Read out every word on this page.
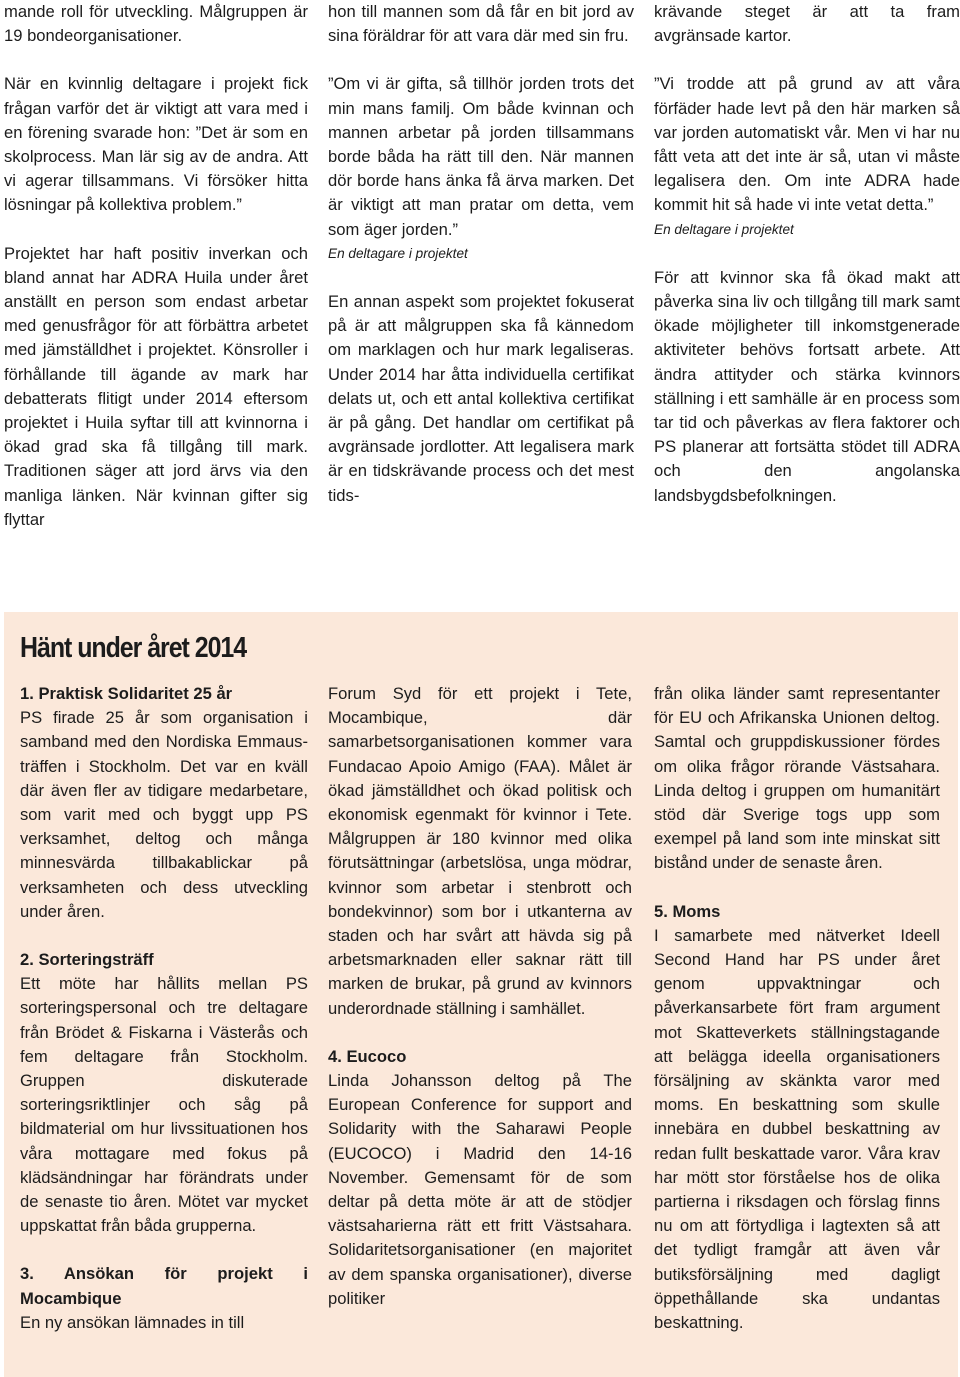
mande roll för utveckling. Målgruppen är 19 bondeorganisationer.

När en kvinnlig deltagare i projekt fick frågan varför det är viktigt att vara med i en förening svarade hon: ”Det är som en skolprocess. Man lär sig av de andra. Att vi agerar tillsammans. Vi försöker hitta lösningar på kollektiva problem.”

Projektet har haft positiv inverkan och bland annat har ADRA Huila under året anställt en person som endast arbetar med genusfrågor för att förbättra arbetet med jämställdhet i projektet. Könsroller i förhållande till ägande av mark har debatterats flitigt under 2014 eftersom projektet i Huila syftar till att kvinnorna i ökad grad ska få tillgång till mark. Traditionen säger att jord ärvs via den manliga länken. När kvinnan gifter sig flyttar

hon till mannen som då får en bit jord av sina föräldrar för att vara där med sin fru.

”Om vi är gifta, så tillhör jorden trots det min mans familj. Om både kvinnan och mannen arbetar på jorden tillsammans borde båda ha rätt till den. När mannen dör borde hans änka få ärva marken. Det är viktigt att man pratar om detta, vem som äger jorden.”

En deltagare i projektet

En annan aspekt som projektet fokuserat på är att målgruppen ska få kännedom om marklagen och hur mark legaliseras. Under 2014 har åtta individuella certifikat delats ut, och ett antal kollektiva certifikat är på gång. Det handlar om certifikat på avgränsade jordlotter. Att legalisera mark är en tidskrävande process och det mest tids-

krävande steget är att ta fram avgränsade kartor.

”Vi trodde att på grund av att våra förfäder hade levt på den här marken så var jorden automatiskt vår. Men vi har nu fått veta att det inte är så, utan vi måste legalisera den. Om inte ADRA hade kommit hit så hade vi inte vetat detta.”

En deltagare i projektet

För att kvinnor ska få ökad makt att påverka sina liv och tillgång till mark samt ökade möjligheter till inkomstgenerade aktiviteter behövs fortsatt arbete. Att ändra attityder och stärka kvinnors ställning i ett samhälle är en process som tar tid och påverkas av flera faktorer och PS planerar att fortsätta stödet till ADRA och den angolanska landsbygdsbefolkningen.

Hänt under året 2014

1. Praktisk Solidaritet 25 år

PS firade 25 år som organisation i samband med den Nordiska Emmaus-träffen i Stockholm. Det var en kväll där även fler av tidigare medarbetare, som varit med och byggt upp PS verksamhet, deltog och många minnesvärda tillbakablickar på verksamheten och dess utveckling under åren.

2. Sorteringsträff

Ett möte har hållits mellan PS sorteringspersonal och tre deltagare från Brödet & Fiskarna i Västerås och fem deltagare från Stockholm. Gruppen diskuterade sorteringsriktlinjer och såg på bildmaterial om hur livssituationen hos våra mottagare med fokus på klädsändningar har förändrats under de senaste tio åren. Mötet var mycket uppskattat från båda grupperna.

3. Ansökan för projekt i Mocambique

En ny ansökan lämnades in till

Forum Syd för ett projekt i Tete, Mocambique, där samarbetsorganisationen kommer vara Fundacao Apoio Amigo (FAA). Målet är ökad jämställdhet och ökad politisk och ekonomisk egenmakt för kvinnor i Tete. Målgruppen är 180 kvinnor med olika förutsättningar (arbetslösa, unga mödrar, kvinnor som arbetar i stenbrott och bondekvinnor) som bor i utkanterna av staden och har svårt att hävda sig på arbetsmarknaden eller saknar rätt till marken de brukar, på grund av kvinnors underordnade ställning i samhället.

4. Eucoco

Linda Johansson deltog på The European Conference for support and Solidarity with the Saharawi People (EUCOCO) i Madrid den 14-16 November. Gemensamt för de som deltar på detta möte är att de stödjer västsaharierna rätt ett fritt Västsahara. Solidaritetsorganisationer (en majoritet av dem spanska organisationer), diverse politiker

från olika länder samt representanter för EU och Afrikanska Unionen deltog. Samtal och gruppdiskussioner fördes om olika frågor rörande Västsahara. Linda deltog i gruppen om humanitärt stöd där Sverige togs upp som exempel på land som inte minskat sitt bistånd under de senaste åren.

5. Moms

I samarbete med nätverket Ideell Second Hand har PS under året genom uppvaktningar och påverkansarbete fört fram argument mot Skatteverkets ställningstagande att belägga ideella organisationers försäljning av skänkta varor med moms. En beskattning som skulle innebära en dubbel beskattning av redan fullt beskattade varor. Våra krav har mött stor förståelse hos de olika partierna i riksdagen och förslag finns nu om att förtydliga i lagtexten så att det tydligt framgår att även vår butiksförsäljning med dagligt öppethållande ska undantas beskattning.
